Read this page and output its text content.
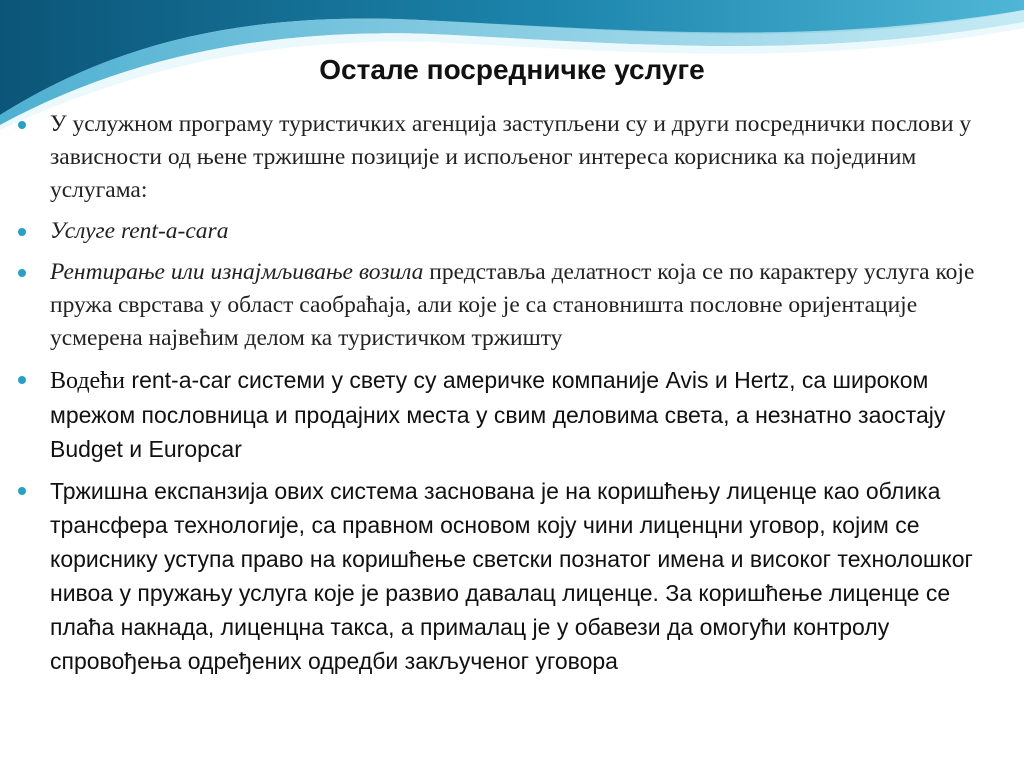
Остале посредничке услуге
У услужном програму туристичких агенција заступљени су и други посреднички послови у зависности од њене тржишне позиције и испољеног интереса корисника ка појединим услугама:
Услуге rent-a-cara
Рентирање или изнајмљивање возила представља делатност која се по карактеру услуга које пружа сврстава у област саобраћаја, али које је са становништа пословне оријентације усмерена највећим делом ка туристичком тржишту
Водећи rent-a-car системи у свету су америчке компаније Avis и Hertz, са широком мрежом пословница и продајних места у свим деловима света, а незнатно заостају Budget и Europcar
Тржишна експанзија ових система заснована је на коришћењу лиценце као облика трансфера технологије, са правном основом коју чини лиценцни уговор, којим се кориснику уступа право на коришћење светски познатог имена и високог технолошког нивоа у пружању услуга које је развио давалац лиценце. За коришћење лиценце се плаћа накнада, лиценцна такса, а прималац је у обавези да омогући контролу спровођења одређених одредби закљученог уговора
